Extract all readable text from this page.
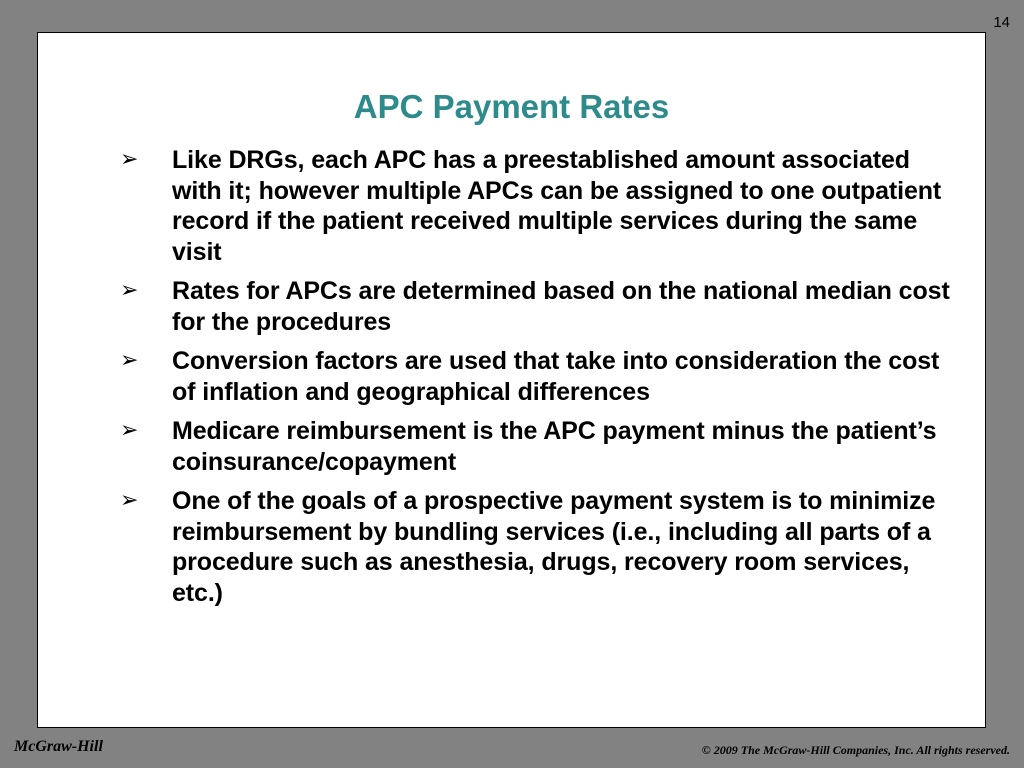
14
APC Payment Rates
➢	Like DRGs, each APC has a preestablished amount associated with it; however multiple APCs can be assigned to one outpatient record if the patient received multiple services during the same visit
➢	Rates for APCs are determined based on the national median cost for the procedures
➢	Conversion factors are used that take into consideration the cost of inflation and geographical differences
➢	Medicare reimbursement is the APC payment minus the patient’s coinsurance/copayment
➢	One of the goals of a prospective payment system is to minimize reimbursement by bundling services (i.e., including all parts of a procedure such as anesthesia, drugs, recovery room services, etc.)
McGraw-Hill	© 2009 The McGraw-Hill Companies, Inc. All rights reserved.
